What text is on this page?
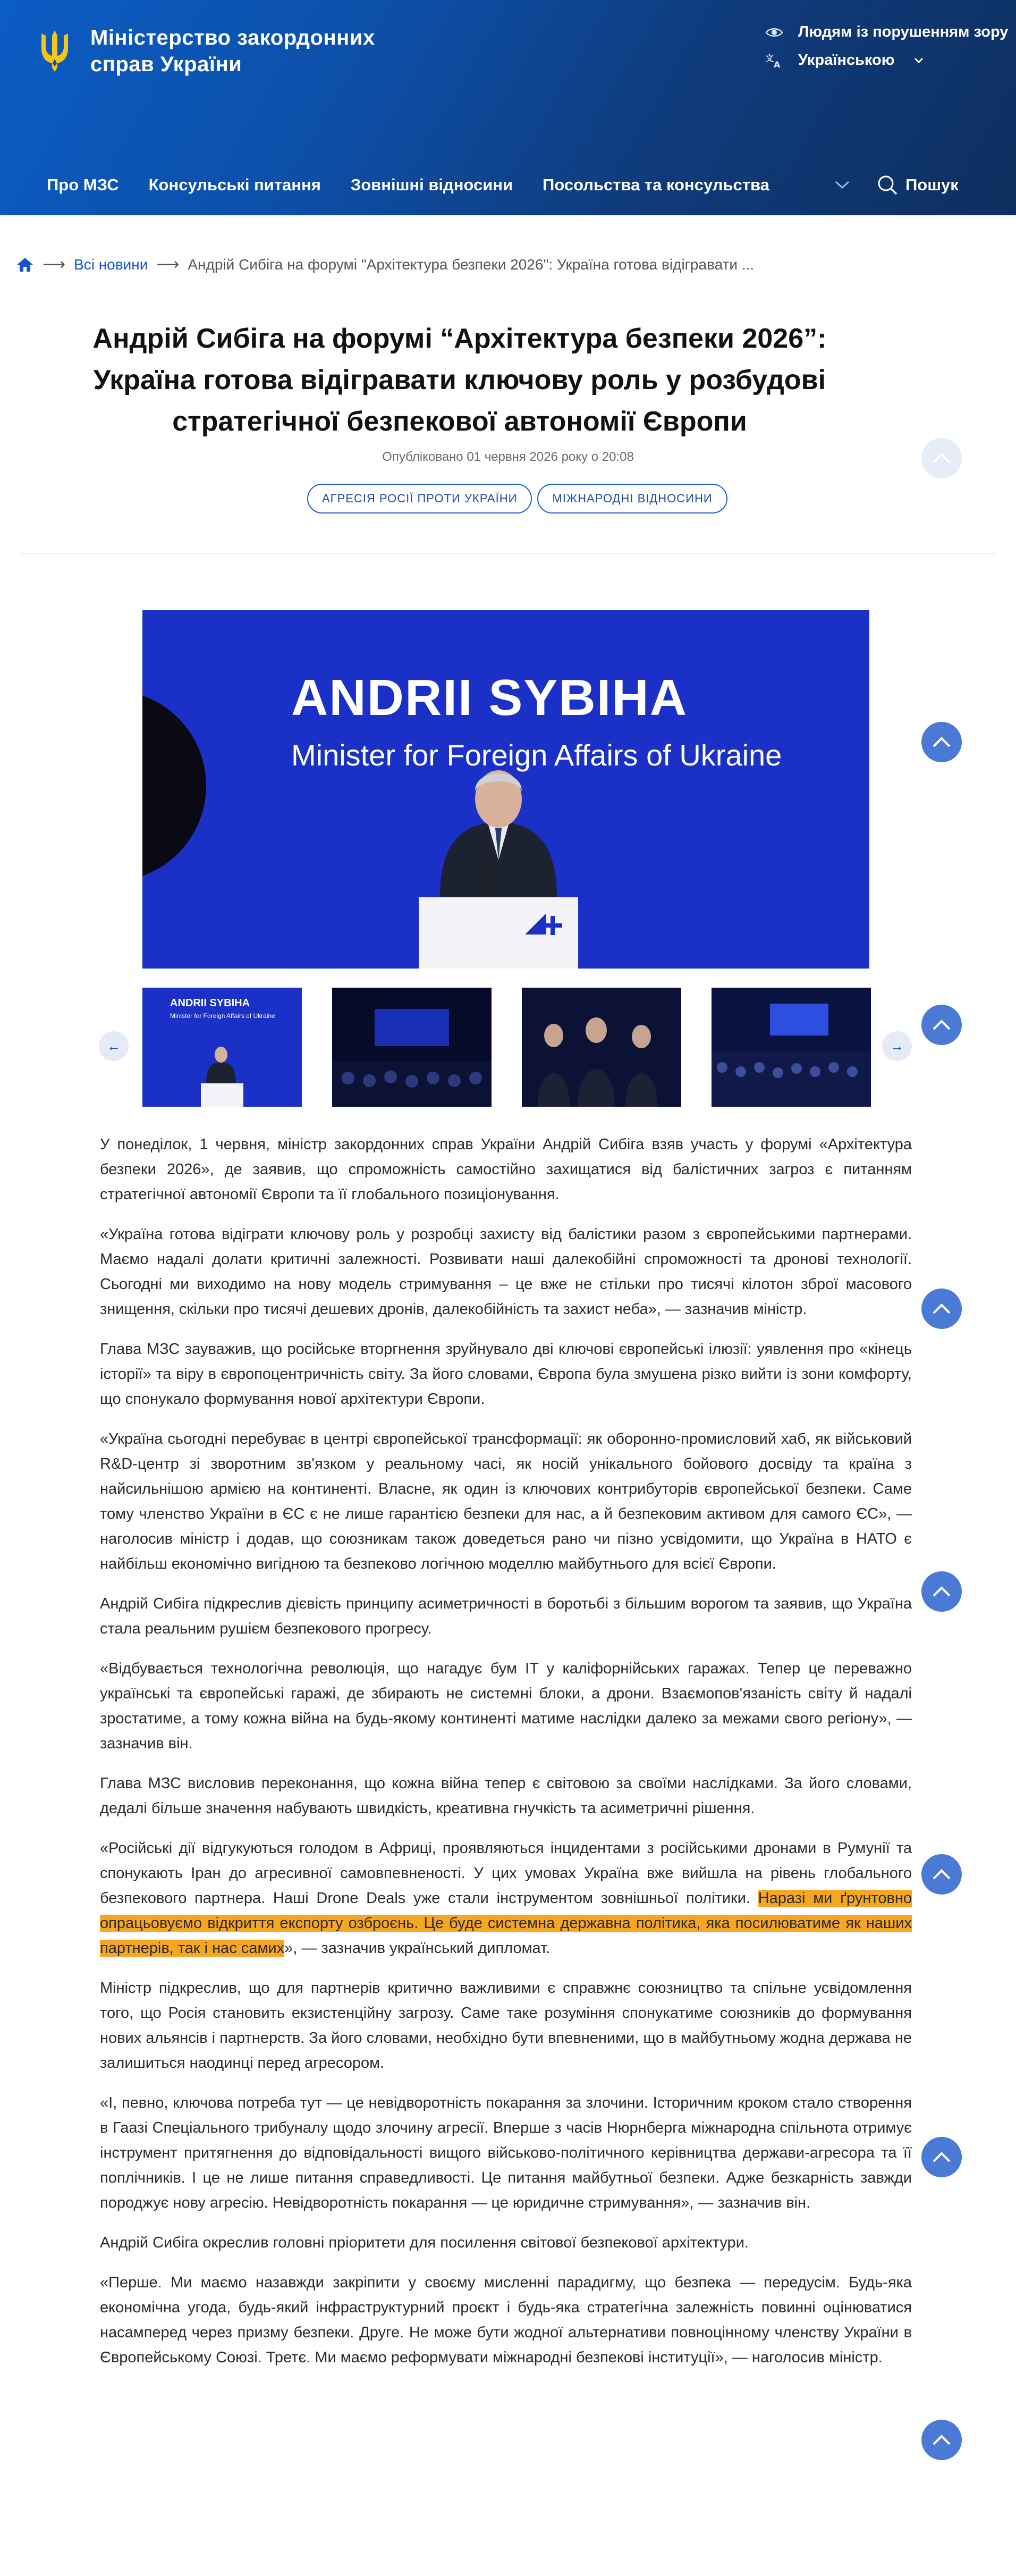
Міністерство закордонних
справ України
Людям із порушенням зору
文
A Українською
Про МЗС Консульські питання Зовнішні відносини Посольства та консульства	Пошук
⟶ Всі новини ⟶ Андрій Сибіга на форумі "Архітектура безпеки 2026": Україна готова відігравати ...
Андрій Сибіга на форумі “Архітектура безпеки 2026”: Україна готова відігравати ключову роль у розбудові стратегічної безпекової автономії Європи
Опубліковано 01 червня 2026 року о 20:08
АГРЕСІЯ РОСІЇ ПРОТИ УКРАЇНИ	МІЖНАРОДНІ ВІДНОСИНИ
ANDRII SYBIHA
Minister for Foreign Affairs of Ukraine
←	→
ANDRII SYBIHA
Minister for Foreign Affairs of Ukraine

У понеділок, 1 червня, міністр закордонних справ України Андрій Сибіга взяв участь у форумі «Архітектура безпеки 2026», де заявив, що спроможність самостійно захищатися від балістичних загроз є питанням стратегічної автономії Європи та її глобального позиціонування.

«Україна готова відіграти ключову роль у розробці захисту від балістики разом з європейськими партнерами. Маємо надалі долати критичні залежності. Розвивати наші далекобійні спроможності та дронові технології. Сьогодні ми виходимо на нову модель стримування – це вже не стільки про тисячі кілотон зброї масового знищення, скільки про тисячі дешевих дронів, далекобійність та захист неба», — зазначив міністр.

Глава МЗС зауважив, що російське вторгнення зруйнувало дві ключові європейські ілюзії: уявлення про «кінець історії» та віру в європоцентричність світу. За його словами, Європа була змушена різко вийти із зони комфорту, що спонукало формування нової архітектури Європи.

«Україна сьогодні перебуває в центрі європейської трансформації: як оборонно-промисловий хаб, як військовий R&D-центр зі зворотним зв'язком у реальному часі, як носій унікального бойового досвіду та країна з найсильнішою армією на континенті. Власне, як один із ключових контрибуторів європейської безпеки. Саме тому членство України в ЄС є не лише гарантією безпеки для нас, а й безпековим активом для самого ЄС», — наголосив міністр і додав, що союзникам також доведеться рано чи пізно усвідомити, що Україна в НАТО є найбільш економічно вигідною та безпеково логічною моделлю майбутнього для всієї Європи.

Андрій Сибіга підкреслив дієвість принципу асиметричності в боротьбі з більшим ворогом та заявив, що Україна стала реальним рушієм безпекового прогресу.

«Відбувається технологічна революція, що нагадує бум IT у каліфорнійських гаражах. Тепер це переважно українські та європейські гаражі, де збирають не системні блоки, а дрони. Взаємопов'язаність світу й надалі зростатиме, а тому кожна війна на будь-якому континенті матиме наслідки далеко за межами свого регіону», — зазначив він.

Глава МЗС висловив переконання, що кожна війна тепер є світовою за своїми наслідками. За його словами, дедалі більше значення набувають швидкість, креативна гнучкість та асиметричні рішення.

«Російські дії відгукуються голодом в Африці, проявляються інцидентами з російськими дронами в Румунії та спонукають Іран до агресивної самовпевненості. У цих умовах Україна вже вийшла на рівень глобального безпекового партнера. Наші Drone Deals уже стали інструментом зовнішньої політики. Наразі ми ґрунтовно опрацьовуємо відкриття експорту озброєнь. Це буде системна державна політика, яка посилюватиме як наших партнерів, так і нас самих», — зазначив український дипломат.

Міністр підкреслив, що для партнерів критично важливими є справжнє союзництво та спільне усвідомлення того, що Росія становить екзистенційну загрозу. Саме таке розуміння спонукатиме союзників до формування нових альянсів і партнерств. За його словами, необхідно бути впевненими, що в майбутньому жодна держава не залишиться наодинці перед агресором.

«І, певно, ключова потреба тут — це невідворотність покарання за злочини. Історичним кроком стало створення в Гаазі Спеціального трибуналу щодо злочину агресії. Вперше з часів Нюрнберга міжнародна спільнота отримує інструмент притягнення до відповідальності вищого військово-політичного керівництва держави-агресора та її поплічників. І це не лише питання справедливості. Це питання майбутньої безпеки. Адже безкарність завжди породжує нову агресію. Невідворотність покарання — це юридичне стримування», — зазначив він.

Андрій Сибіга окреслив головні пріоритети для посилення світової безпекової архітектури.

«Перше. Ми маємо назавжди закріпити у своєму мисленні парадигму, що безпека — передусім. Будь-яка економічна угода, будь-який інфраструктурний проєкт і будь-яка стратегічна залежність повинні оцінюватися насамперед через призму безпеки. Друге. Не може бути жодної альтернативи повноцінному членству України в Європейському Союзі. Третє. Ми маємо реформувати міжнародні безпекові інституції», — наголосив міністр.
